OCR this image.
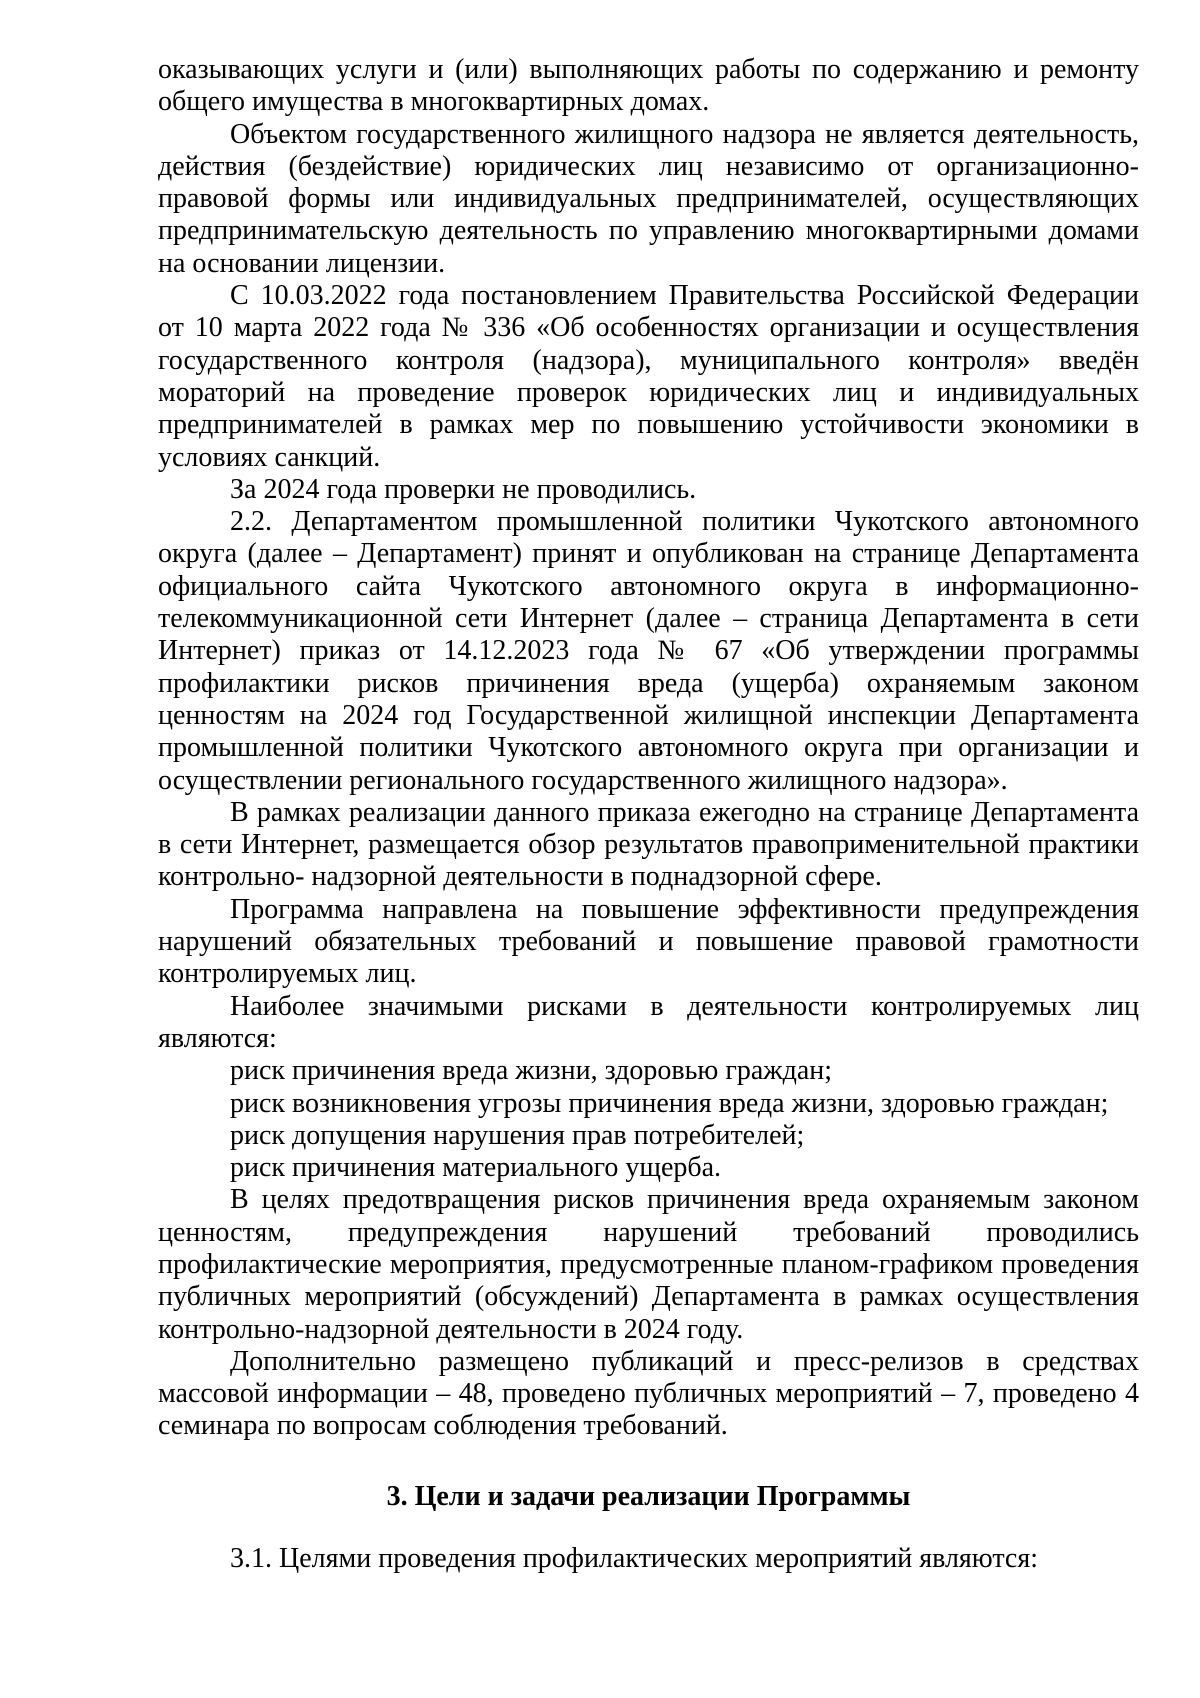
оказывающих услуги и (или) выполняющих работы по содержанию и ремонту общего имущества в многоквартирных домах.

Объектом государственного жилищного надзора не является деятельность, действия (бездействие) юридических лиц независимо от организационно-правовой формы или индивидуальных предпринимателей, осуществляющих предпринимательскую деятельность по управлению многоквартирными домами на основании лицензии.

С 10.03.2022 года постановлением Правительства Российской Федерации от 10 марта 2022 года № 336 «Об особенностях организации и осуществления государственного контроля (надзора), муниципального контроля» введён мораторий на проведение проверок юридических лиц и индивидуальных предпринимателей в рамках мер по повышению устойчивости экономики в условиях санкций.

За 2024 года проверки не проводились.

2.2. Департаментом промышленной политики Чукотского автономного округа (далее – Департамент) принят и опубликован на странице Департамента официального сайта Чукотского автономного округа в информационно-телекоммуникационной сети Интернет (далее – страница Департамента в сети Интернет) приказ от 14.12.2023 года № 67 «Об утверждении программы профилактики рисков причинения вреда (ущерба) охраняемым законом ценностям на 2024 год Государственной жилищной инспекции Департамента промышленной политики Чукотского автономного округа при организации и осуществлении регионального государственного жилищного надзора».

В рамках реализации данного приказа ежегодно на странице Департамента в сети Интернет, размещается обзор результатов правоприменительной практики контрольно- надзорной деятельности в поднадзорной сфере.

Программа направлена на повышение эффективности предупреждения нарушений обязательных требований и повышение правовой грамотности контролируемых лиц.

Наиболее значимыми рисками в деятельности контролируемых лиц являются:

риск причинения вреда жизни, здоровью граждан;

риск возникновения угрозы причинения вреда жизни, здоровью граждан;

риск допущения нарушения прав потребителей;

риск причинения материального ущерба.

В целях предотвращения рисков причинения вреда охраняемым законом ценностям, предупреждения нарушений требований проводились профилактические мероприятия, предусмотренные планом-графиком проведения публичных мероприятий (обсуждений) Департамента в рамках осуществления контрольно-надзорной деятельности в 2024 году.

Дополнительно размещено публикаций и пресс-релизов в средствах массовой информации – 48, проведено публичных мероприятий – 7, проведено 4 семинара по вопросам соблюдения требований.

3. Цели и задачи реализации Программы

3.1. Целями проведения профилактических мероприятий являются:
